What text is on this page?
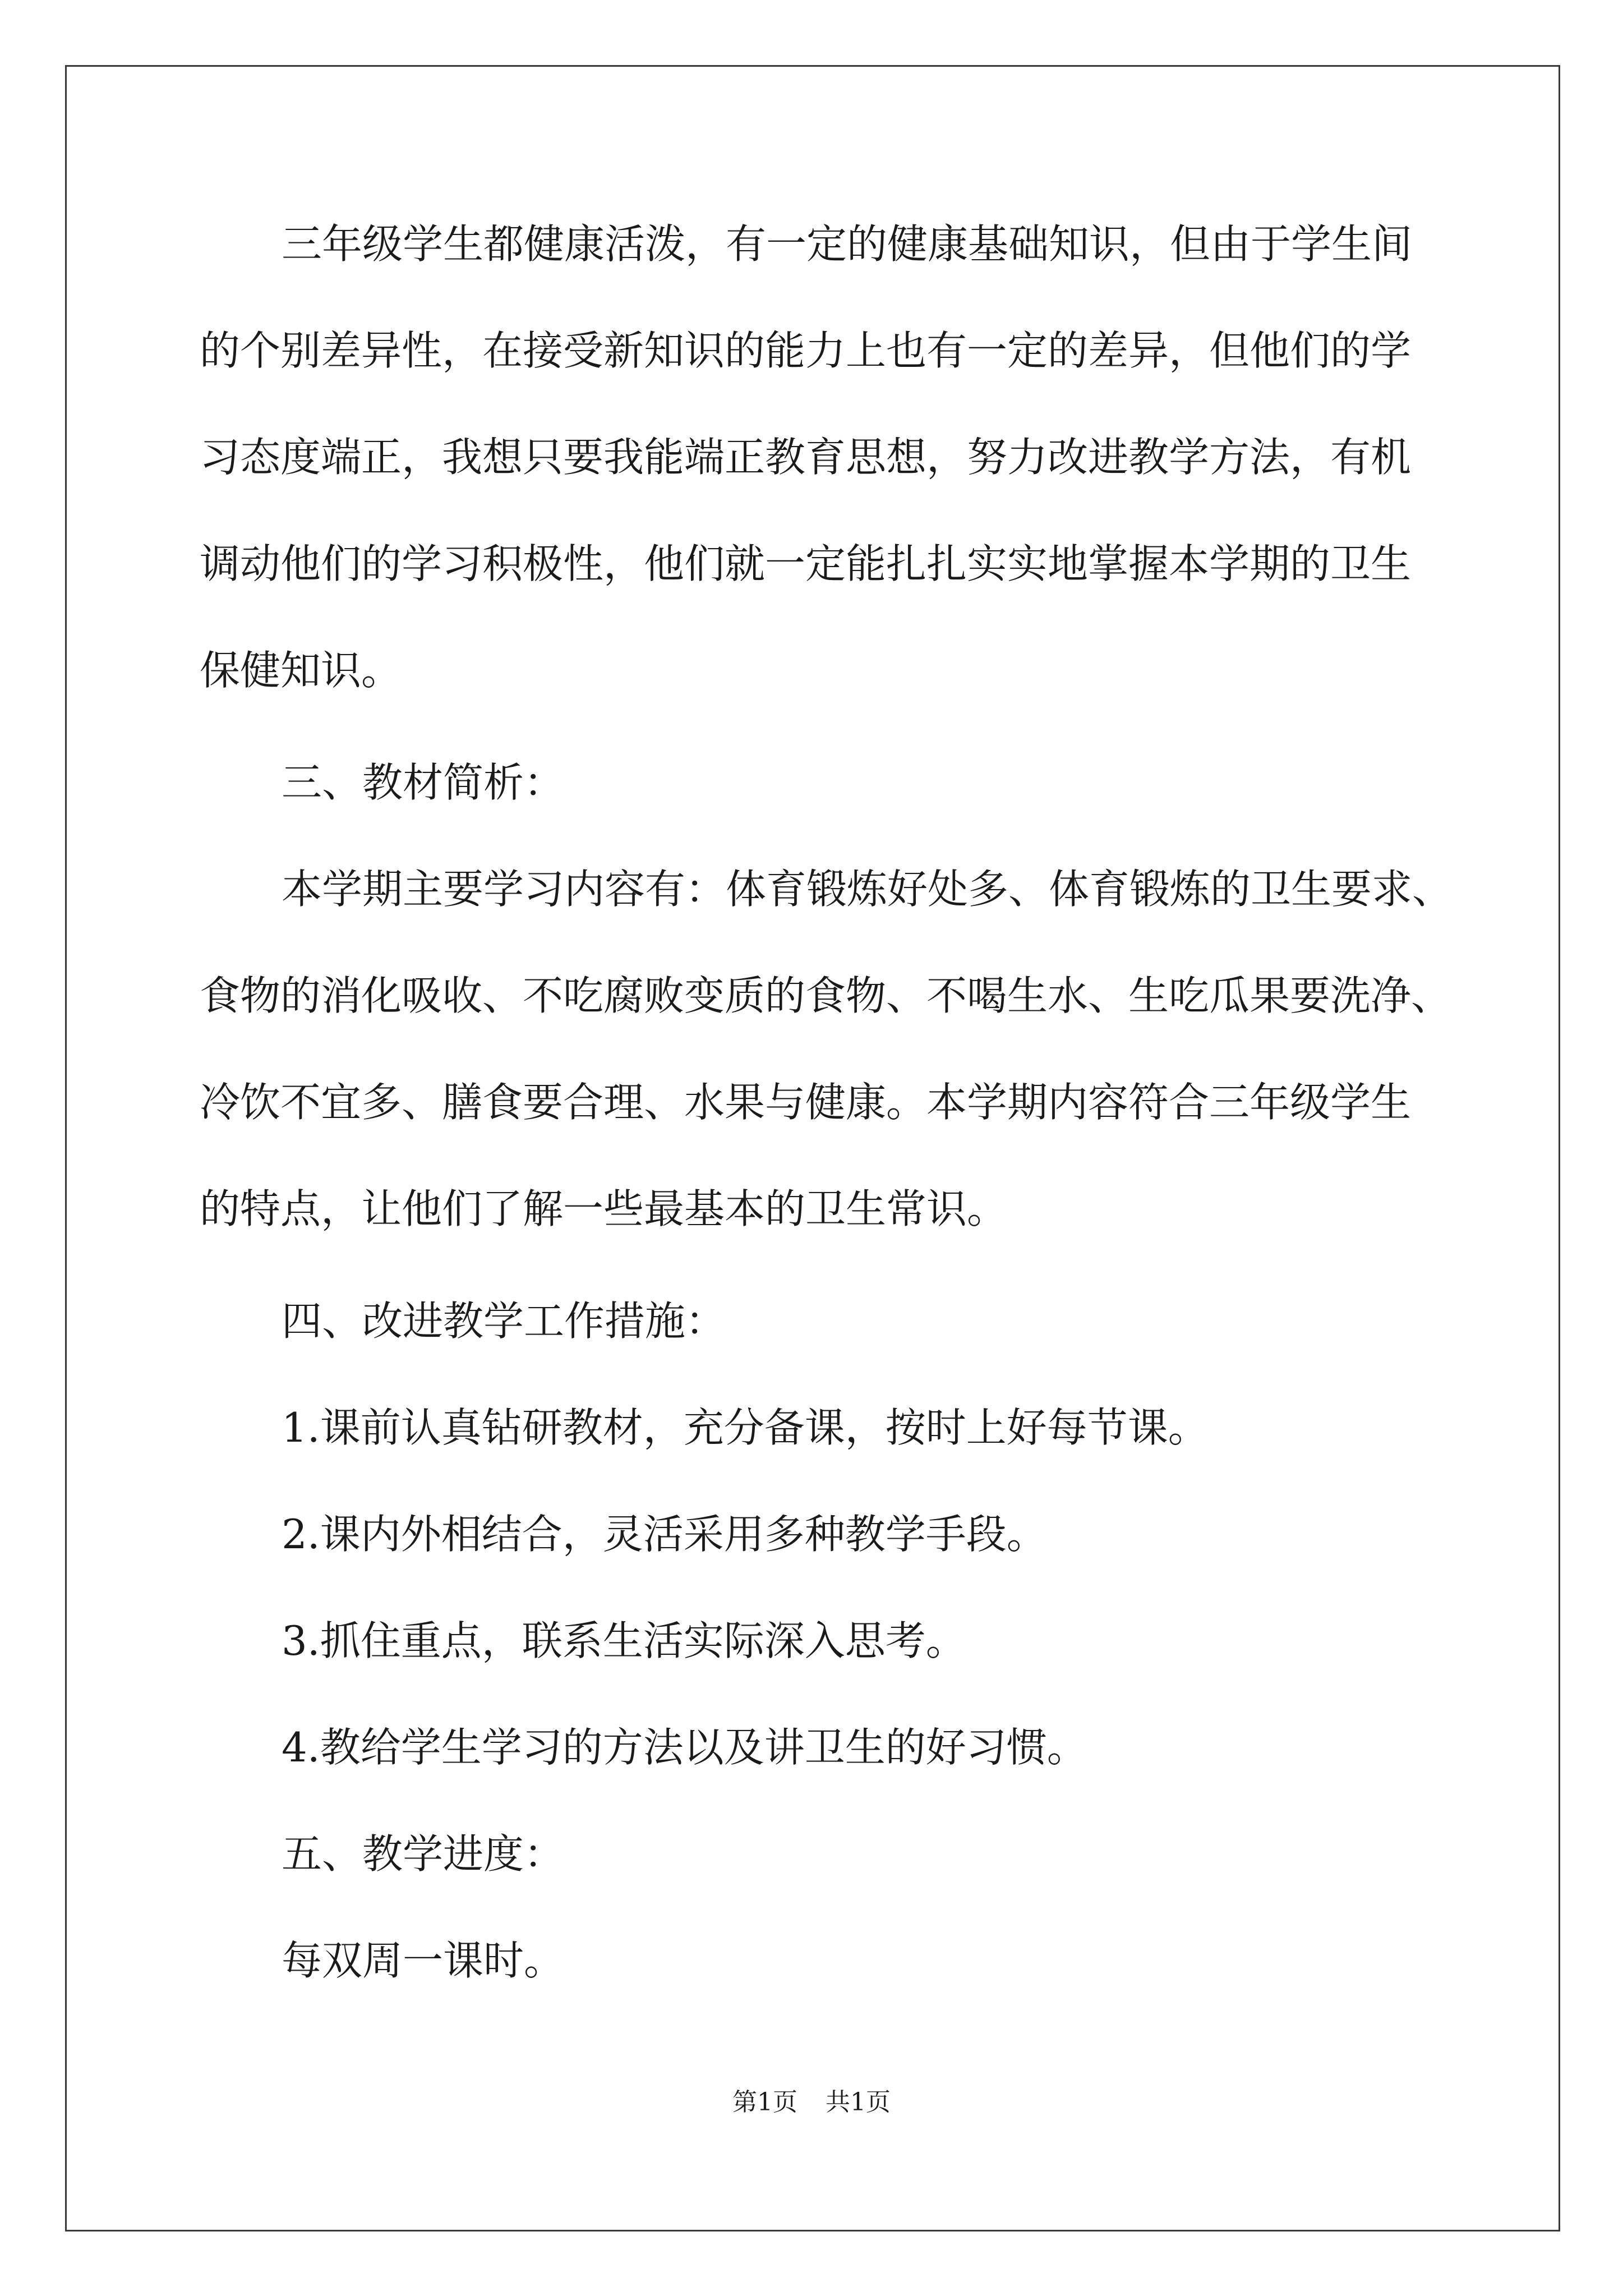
三年级学生都健康活泼，有一定的健康基础知识，但由于学生间

的个别差异性，在接受新知识的能力上也有一定的差异，但他们的学

习态度端正，我想只要我能端正教育思想，努力改进教学方法，有机

调动他们的学习积极性，他们就一定能扎扎实实地掌握本学期的卫生

保健知识。

三、教材简析：

本学期主要学习内容有：体育锻炼好处多、体育锻炼的卫生要求、

食物的消化吸收、不吃腐败变质的食物、不喝生水、生吃瓜果要洗净、

冷饮不宜多、膳食要合理、水果与健康。本学期内容符合三年级学生

的特点，让他们了解一些最基本的卫生常识。

四、改进教学工作措施：

1.课前认真钻研教材，充分备课，按时上好每节课。

2.课内外相结合，灵活采用多种教学手段。

3.抓住重点，联系生活实际深入思考。

4.教给学生学习的方法以及讲卫生的好习惯。

五、教学进度：

每双周一课时。

第1页 共1页
